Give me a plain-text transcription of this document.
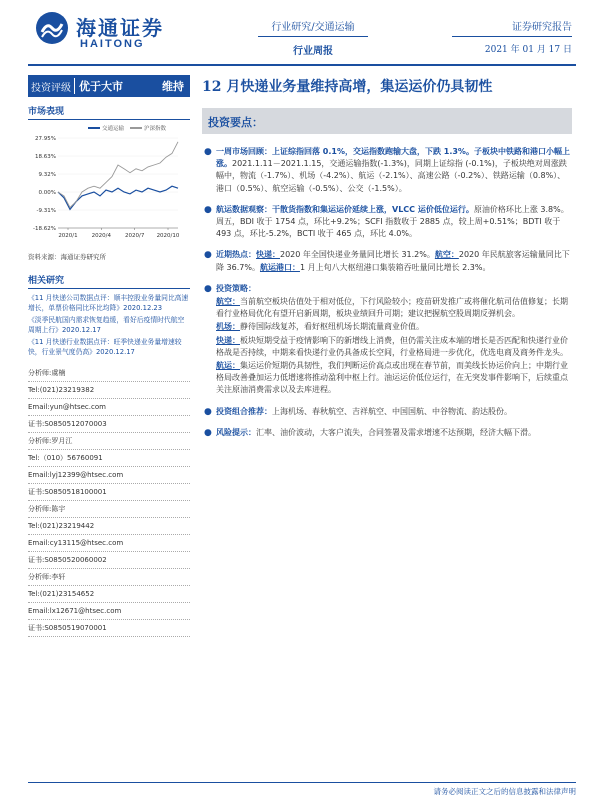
海通证券
HAITONG
行业研究/交通运输
行业周报
证券研究报告
2021 年 01 月 17 日
投资评级 优于大市	维持	12 月快递业务量维持高增，集运运价仍具韧性
市场表现
27.95%
18.63%
9.32%
0.00%
-9.31%
-18.62%
2020/1	2020/4	2020/7 2020/10
交通运输	沪深指数
资料来源：海通证券研究所
相关研究
《11 月快递公司数据点评：顺丰控股业务量同比高速增长，单票价格同比环比均降》2020.12.23
《淡季民航国内需求恢复趋缓，看好后疫情时代航空周期上行》2020.12.17
《11 月快递行业数据点评：旺季快递业务量增速较快，行业景气度仍高》2020.12.17
分析师:虞楠
Tel:(021)23219382
Email:yun@htsec.com
证书:S0850512070003
分析师:罗月江
Tel:（010）56760091
Email:lyj12399@htsec.com
证书:S0850518100001
分析师:陈宇
Tel:(021)23219442
Email:cy13115@htsec.com
证书:S0850520060002
分析师:李轩
Tel:(021)23154652
Email:lx12671@htsec.com
证书:S0850519070001
投资要点：
● 一周市场回顾：上证综指回落 0.1%，交运指数跑输大盘，下跌 1.3%。子板块中铁路和港口小幅上涨。2021.1.11－2021.1.15，交通运输指数(-1.3%)，同期上证综指 (-0.1%)，子板块绝对周涨跌幅中，物流（-1.7%）、机场（-4.2%）、航运（-2.1%）、高速公路（-0.2%）、铁路运输（0.8%）、港口（0.5%）、航空运输（-0.5%）、公交（-1.5%）。
● 航运数据观察：干散货指数和集运运价延续上涨，VLCC 运价低位运行。原油价格环比上涨 3.8%。周五，BDI 收于 1754 点，环比+9.2%；SCFI 指数收于 2885 点，较上周+0.51%；BDTI 收于 493 点，环比-5.2%，BCTI 收于 465 点，环比 4.0%。
● 近期热点：快递：2020 年全国快递业务量同比增长 31.2%。航空：2020 年民航旅客运输量同比下降 36.7%。航运港口：1 月上旬八大枢纽港口集装箱吞吐量同比增长 2.3%。
● 投资策略：
航空：当前航空板块估值处于相对低位，下行风险较小；疫苗研发推广或将催化航司估值修复；长期看行业格局优化有望开启新周期，板块业绩回升可期；建议把握航空股周期反弹机会。
机场：静待国际线复苏，看好枢纽机场长期流量商业价值。
快递：板块短期受益于疫情影响下的新增线上消费，但仍需关注成本端的增长是否匹配和快递行业价格战是否持续，中期来看快递行业仍具备成长空间，行业格局进一步优化，优选电商及商务件龙头。
航运：集运运价短期仍具韧性，我们判断运价高点或出现在春节前，而美线长协运价向上；中期行业格局改善叠加运力低增速将推动盈利中枢上行。油运运价低位运行，在无突发事件影响下，后续重点关注原油消费需求以及去库进程。
● 投资组合推荐：上海机场、春秋航空、吉祥航空、中国国航、中谷物流、韵达股份。
● 风险提示：汇率、油价波动，大客户流失，合同签署及需求增速不达预期，经济大幅下滑。
请务必阅读正文之后的信息披露和法律声明
